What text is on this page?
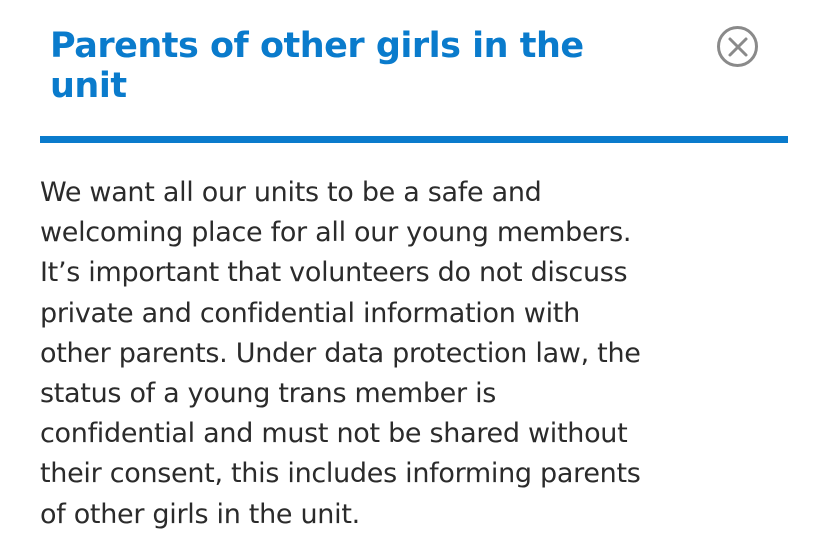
Parents of other girls in the unit
We want all our units to be a safe and
welcoming place for all our young members.
It’s important that volunteers do not discuss
private and confidential information with
other parents. Under data protection law, the
status of a young trans member is
confidential and must not be shared without
their consent, this includes informing parents
of other girls in the unit.
